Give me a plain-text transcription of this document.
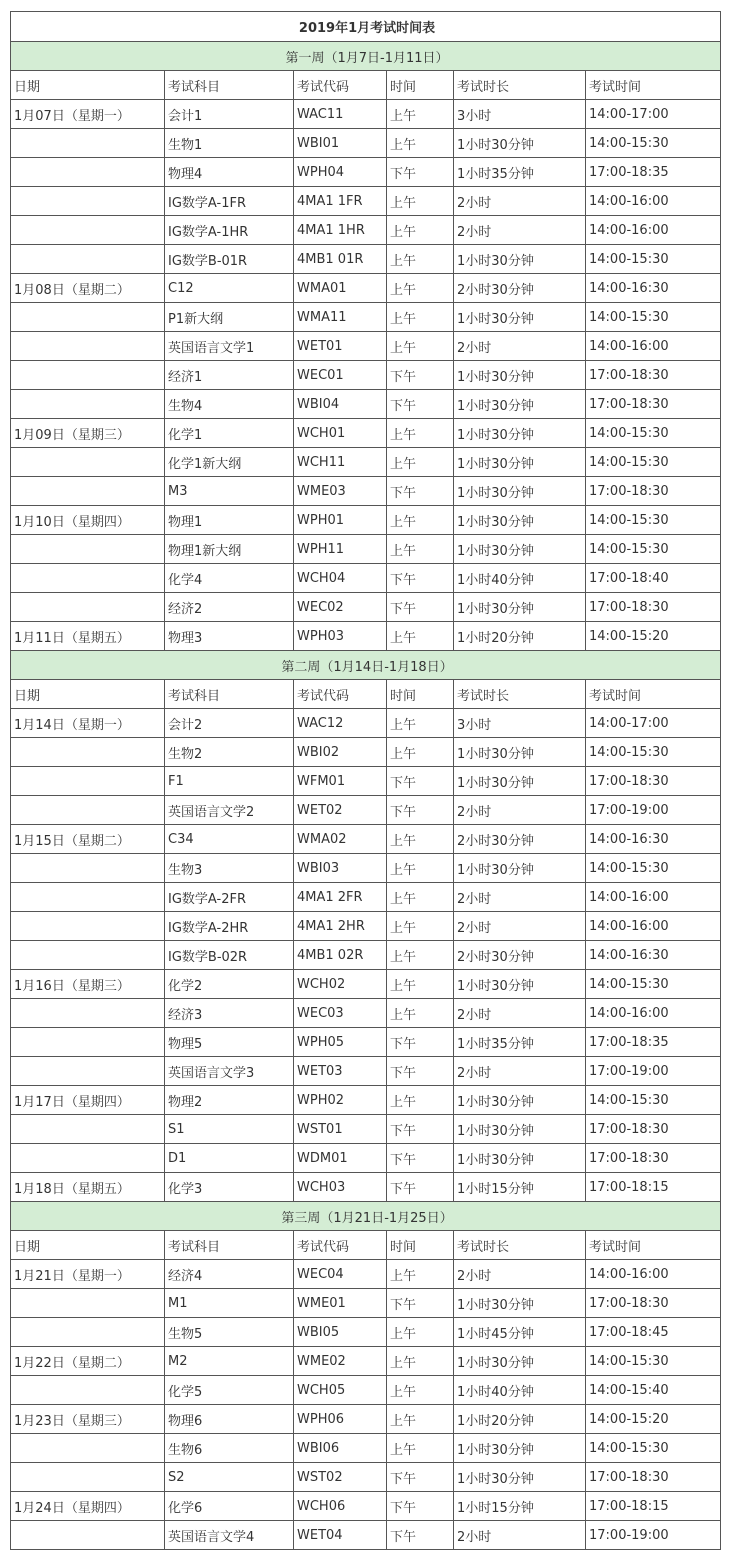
2019年1月考试时间表					
第一周（1月7日-1月11日）					
日期	考试科目	考试代码	时间	考试时长	考试时间
1月07日（星期一）	会计1	WAC11	上午	3小时	14:00-17:00
	生物1	WBI01	上午	1小时30分钟	14:00-15:30
	物理4	WPH04	下午	1小时35分钟	17:00-18:35
	IG数学A-1FR	4MA1 1FR	上午	2小时	14:00-16:00
	IG数学A-1HR	4MA1 1HR	上午	2小时	14:00-16:00
	IG数学B-01R	4MB1 01R	上午	1小时30分钟	14:00-15:30
1月08日（星期二）	C12	WMA01	上午	2小时30分钟	14:00-16:30
	P1新大纲	WMA11	上午	1小时30分钟	14:00-15:30
	英国语言文学1	WET01	上午	2小时	14:00-16:00
	经济1	WEC01	下午	1小时30分钟	17:00-18:30
	生物4	WBI04	下午	1小时30分钟	17:00-18:30
1月09日（星期三）	化学1	WCH01	上午	1小时30分钟	14:00-15:30
	化学1新大纲	WCH11	上午	1小时30分钟	14:00-15:30
	M3	WME03	下午	1小时30分钟	17:00-18:30
1月10日（星期四）	物理1	WPH01	上午	1小时30分钟	14:00-15:30
	物理1新大纲	WPH11	上午	1小时30分钟	14:00-15:30
	化学4	WCH04	下午	1小时40分钟	17:00-18:40
	经济2	WEC02	下午	1小时30分钟	17:00-18:30
1月11日（星期五）	物理3	WPH03	上午	1小时20分钟	14:00-15:20
第二周（1月14日-1月18日）					
日期	考试科目	考试代码	时间	考试时长	考试时间
1月14日（星期一）	会计2	WAC12	上午	3小时	14:00-17:00
	生物2	WBI02	上午	1小时30分钟	14:00-15:30
	F1	WFM01	下午	1小时30分钟	17:00-18:30
	英国语言文学2	WET02	下午	2小时	17:00-19:00
1月15日（星期二）	C34	WMA02	上午	2小时30分钟	14:00-16:30
	生物3	WBI03	上午	1小时30分钟	14:00-15:30
	IG数学A-2FR	4MA1 2FR	上午	2小时	14:00-16:00
	IG数学A-2HR	4MA1 2HR	上午	2小时	14:00-16:00
	IG数学B-02R	4MB1 02R	上午	2小时30分钟	14:00-16:30
1月16日（星期三）	化学2	WCH02	上午	1小时30分钟	14:00-15:30
	经济3	WEC03	上午	2小时	14:00-16:00
	物理5	WPH05	下午	1小时35分钟	17:00-18:35
	英国语言文学3	WET03	下午	2小时	17:00-19:00
1月17日（星期四）	物理2	WPH02	上午	1小时30分钟	14:00-15:30
	S1	WST01	下午	1小时30分钟	17:00-18:30
	D1	WDM01	下午	1小时30分钟	17:00-18:30
1月18日（星期五）	化学3	WCH03	下午	1小时15分钟	17:00-18:15
第三周（1月21日-1月25日）					
日期	考试科目	考试代码	时间	考试时长	考试时间
1月21日（星期一）	经济4	WEC04	上午	2小时	14:00-16:00
	M1	WME01	下午	1小时30分钟	17:00-18:30
	生物5	WBI05	上午	1小时45分钟	17:00-18:45
1月22日（星期二）	M2	WME02	上午	1小时30分钟	14:00-15:30
	化学5	WCH05	上午	1小时40分钟	14:00-15:40
1月23日（星期三）	物理6	WPH06	上午	1小时20分钟	14:00-15:20
	生物6	WBI06	上午	1小时30分钟	14:00-15:30
	S2	WST02	下午	1小时30分钟	17:00-18:30
1月24日（星期四）	化学6	WCH06	下午	1小时15分钟	17:00-18:15
	英国语言文学4	WET04	下午	2小时	17:00-19:00
